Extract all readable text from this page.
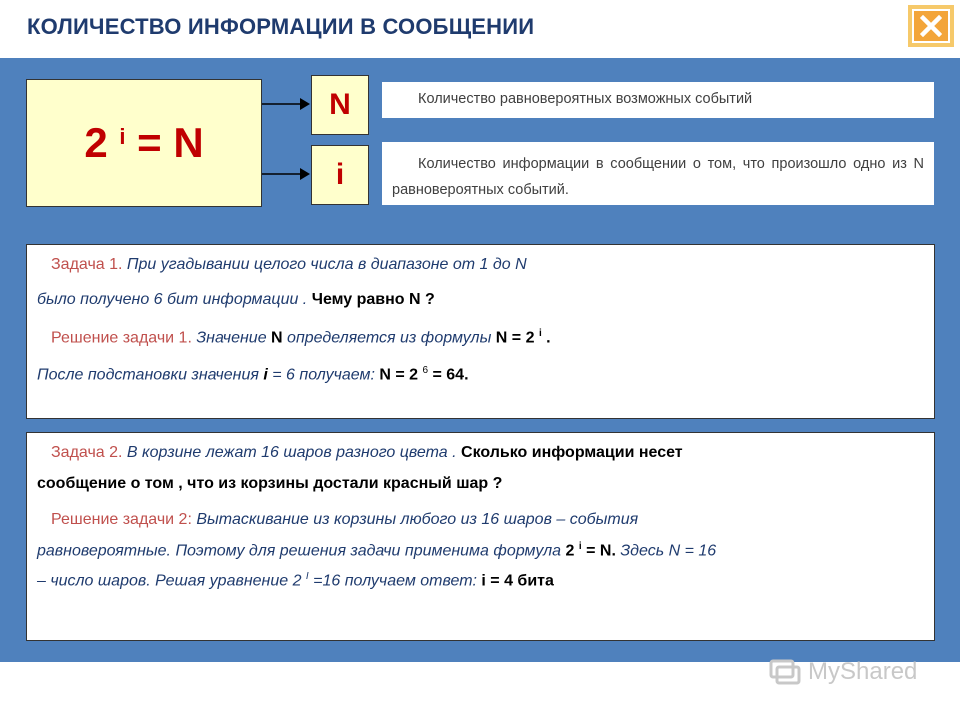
КОЛИЧЕСТВО ИНФОРМАЦИИ В СООБЩЕНИИ
2
$^i$
= N
N
i
Количество равновероятных возможных событий
Количество информации в сообщении о том, что произошло одно из N равновероятных событий.

Задача 1. При угадывании целого числа в диапазоне от 1 до N

было получено 6 бит информации . Чему равно N ?

Решение задачи 1. Значение N определяется из формулы N = 2 $^i$ .

После подстановки значения i = 6 получаем: N = 2 $^6$ = 64.

Задача 2. В корзине лежат 16 шаров разного цвета . Сколько информации несет

сообщение о том , что из корзины достали красный шар ?

Решение задачи 2: Вытаскивание из корзины любого из 16 шаров – события

равновероятные. Поэтому для решения задачи применима формула 2 $^i$ = N. Здесь N = 16

– число шаров. Решая уравнение 2 $^I$ =16 получаем ответ: i = 4 бита

MyShared
